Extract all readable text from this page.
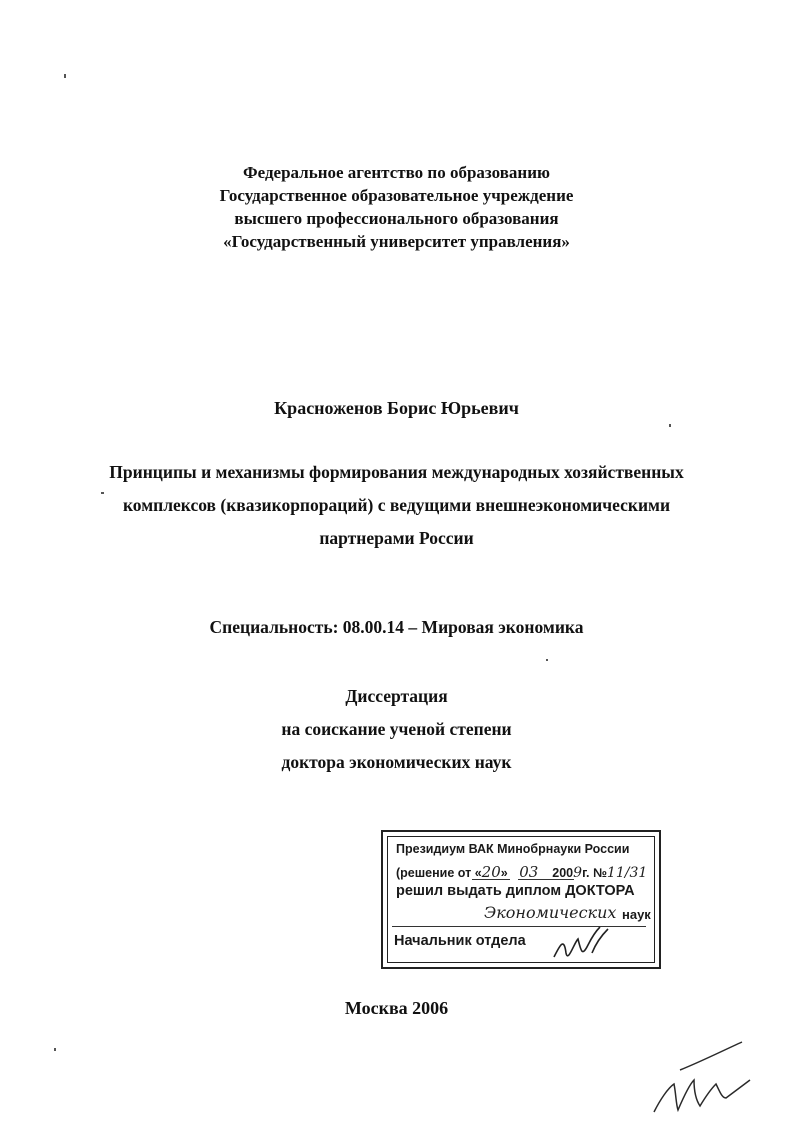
Федеральное агентство по образованию
Государственное образовательное учреждение
высшего профессионального образования
«Государственный университет управления»
Красноженов Борис Юрьевич
Принципы и механизмы формирования международных хозяйственных
комплексов (квазикорпораций) с ведущими внешнеэкономическими
партнерами России
Специальность: 08.00.14 – Мировая экономика
Диссертация
на соискание ученой степени
доктора экономических наук
Президиум ВАК Минобрнауки России
(решение от «20» 03 2009г. №11/31
решил выдать диплом ДОКТОРА
Экономических наук
Начальник отдела
Москва 2006
